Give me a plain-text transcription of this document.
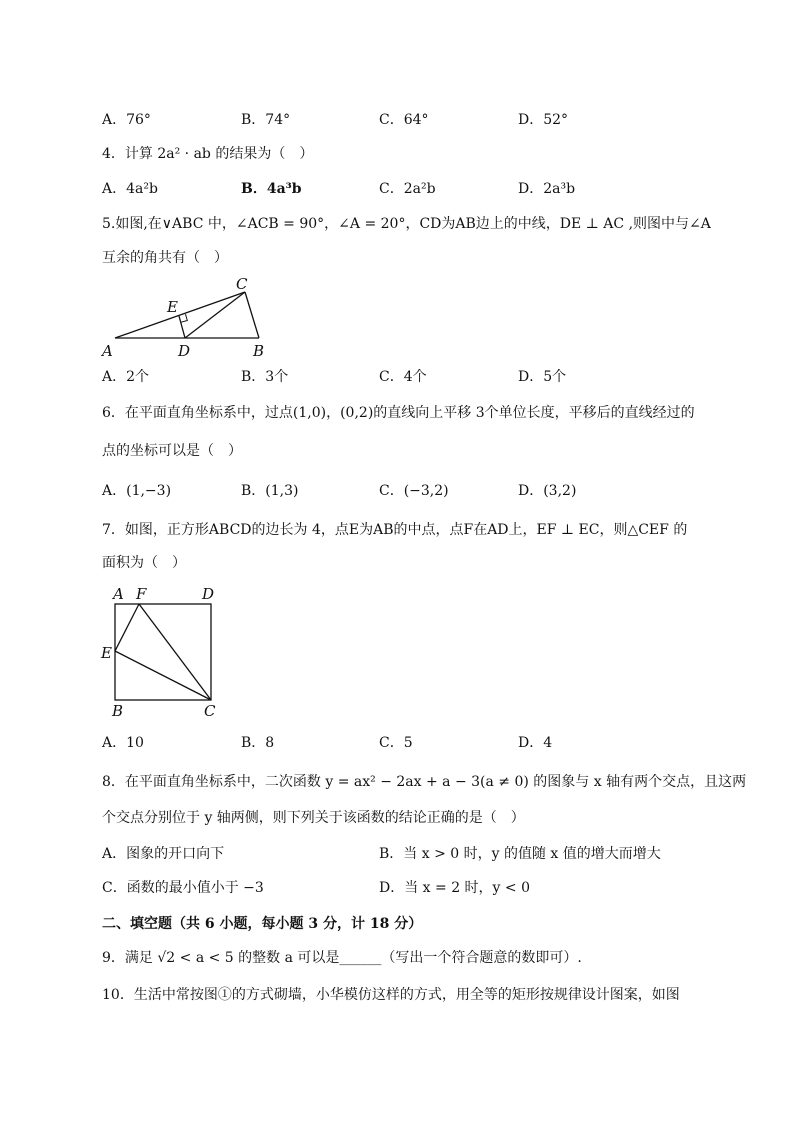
A．76°	B．74°	C．64°	D．52°
4．计算 2a² · ab 的结果为（　）
A．4a²b	B．4a³b	C．2a²b	D．2a³b
5.如图,在∨ABC 中，∠ACB = 90°，∠A = 20°，CD为AB边上的中线，DE ⊥ AC ,则图中与∠A
互余的角共有（　）
A	D	B
E
C
A．2个	B．3个	C．4个	D．5个
6．在平面直角坐标系中，过点(1,0)，(0,2)的直线向上平移 3个单位长度，平移后的直线经过的
点的坐标可以是（　）
A．(1,−3)	B．(1,3)	C．(−3,2)	D．(3,2)
7．如图，正方形ABCD的边长为 4，点E为AB的中点，点F在AD上，EF ⊥ EC，则△CEF 的
面积为（　）
A F	D
E
B	C
A．10	B．8	C．5	D．4
8．在平面直角坐标系中，二次函数 y = ax² − 2ax + a − 3(a ≠ 0) 的图象与 x 轴有两个交点，且这两
个交点分别位于 y 轴两侧，则下列关于该函数的结论正确的是（　）
A．图象的开口向下	B．当 x > 0 时，y 的值随 x 值的增大而增大
C．函数的最小值小于 −3	D．当 x = 2 时，y < 0
二、填空题（共 6 小题，每小题 3 分，计 18 分）
9．满足 √2 < a < 5 的整数 a 可以是______（写出一个符合题意的数即可）.
10．生活中常按图①的方式砌墙，小华模仿这样的方式，用全等的矩形按规律设计图案，如图
